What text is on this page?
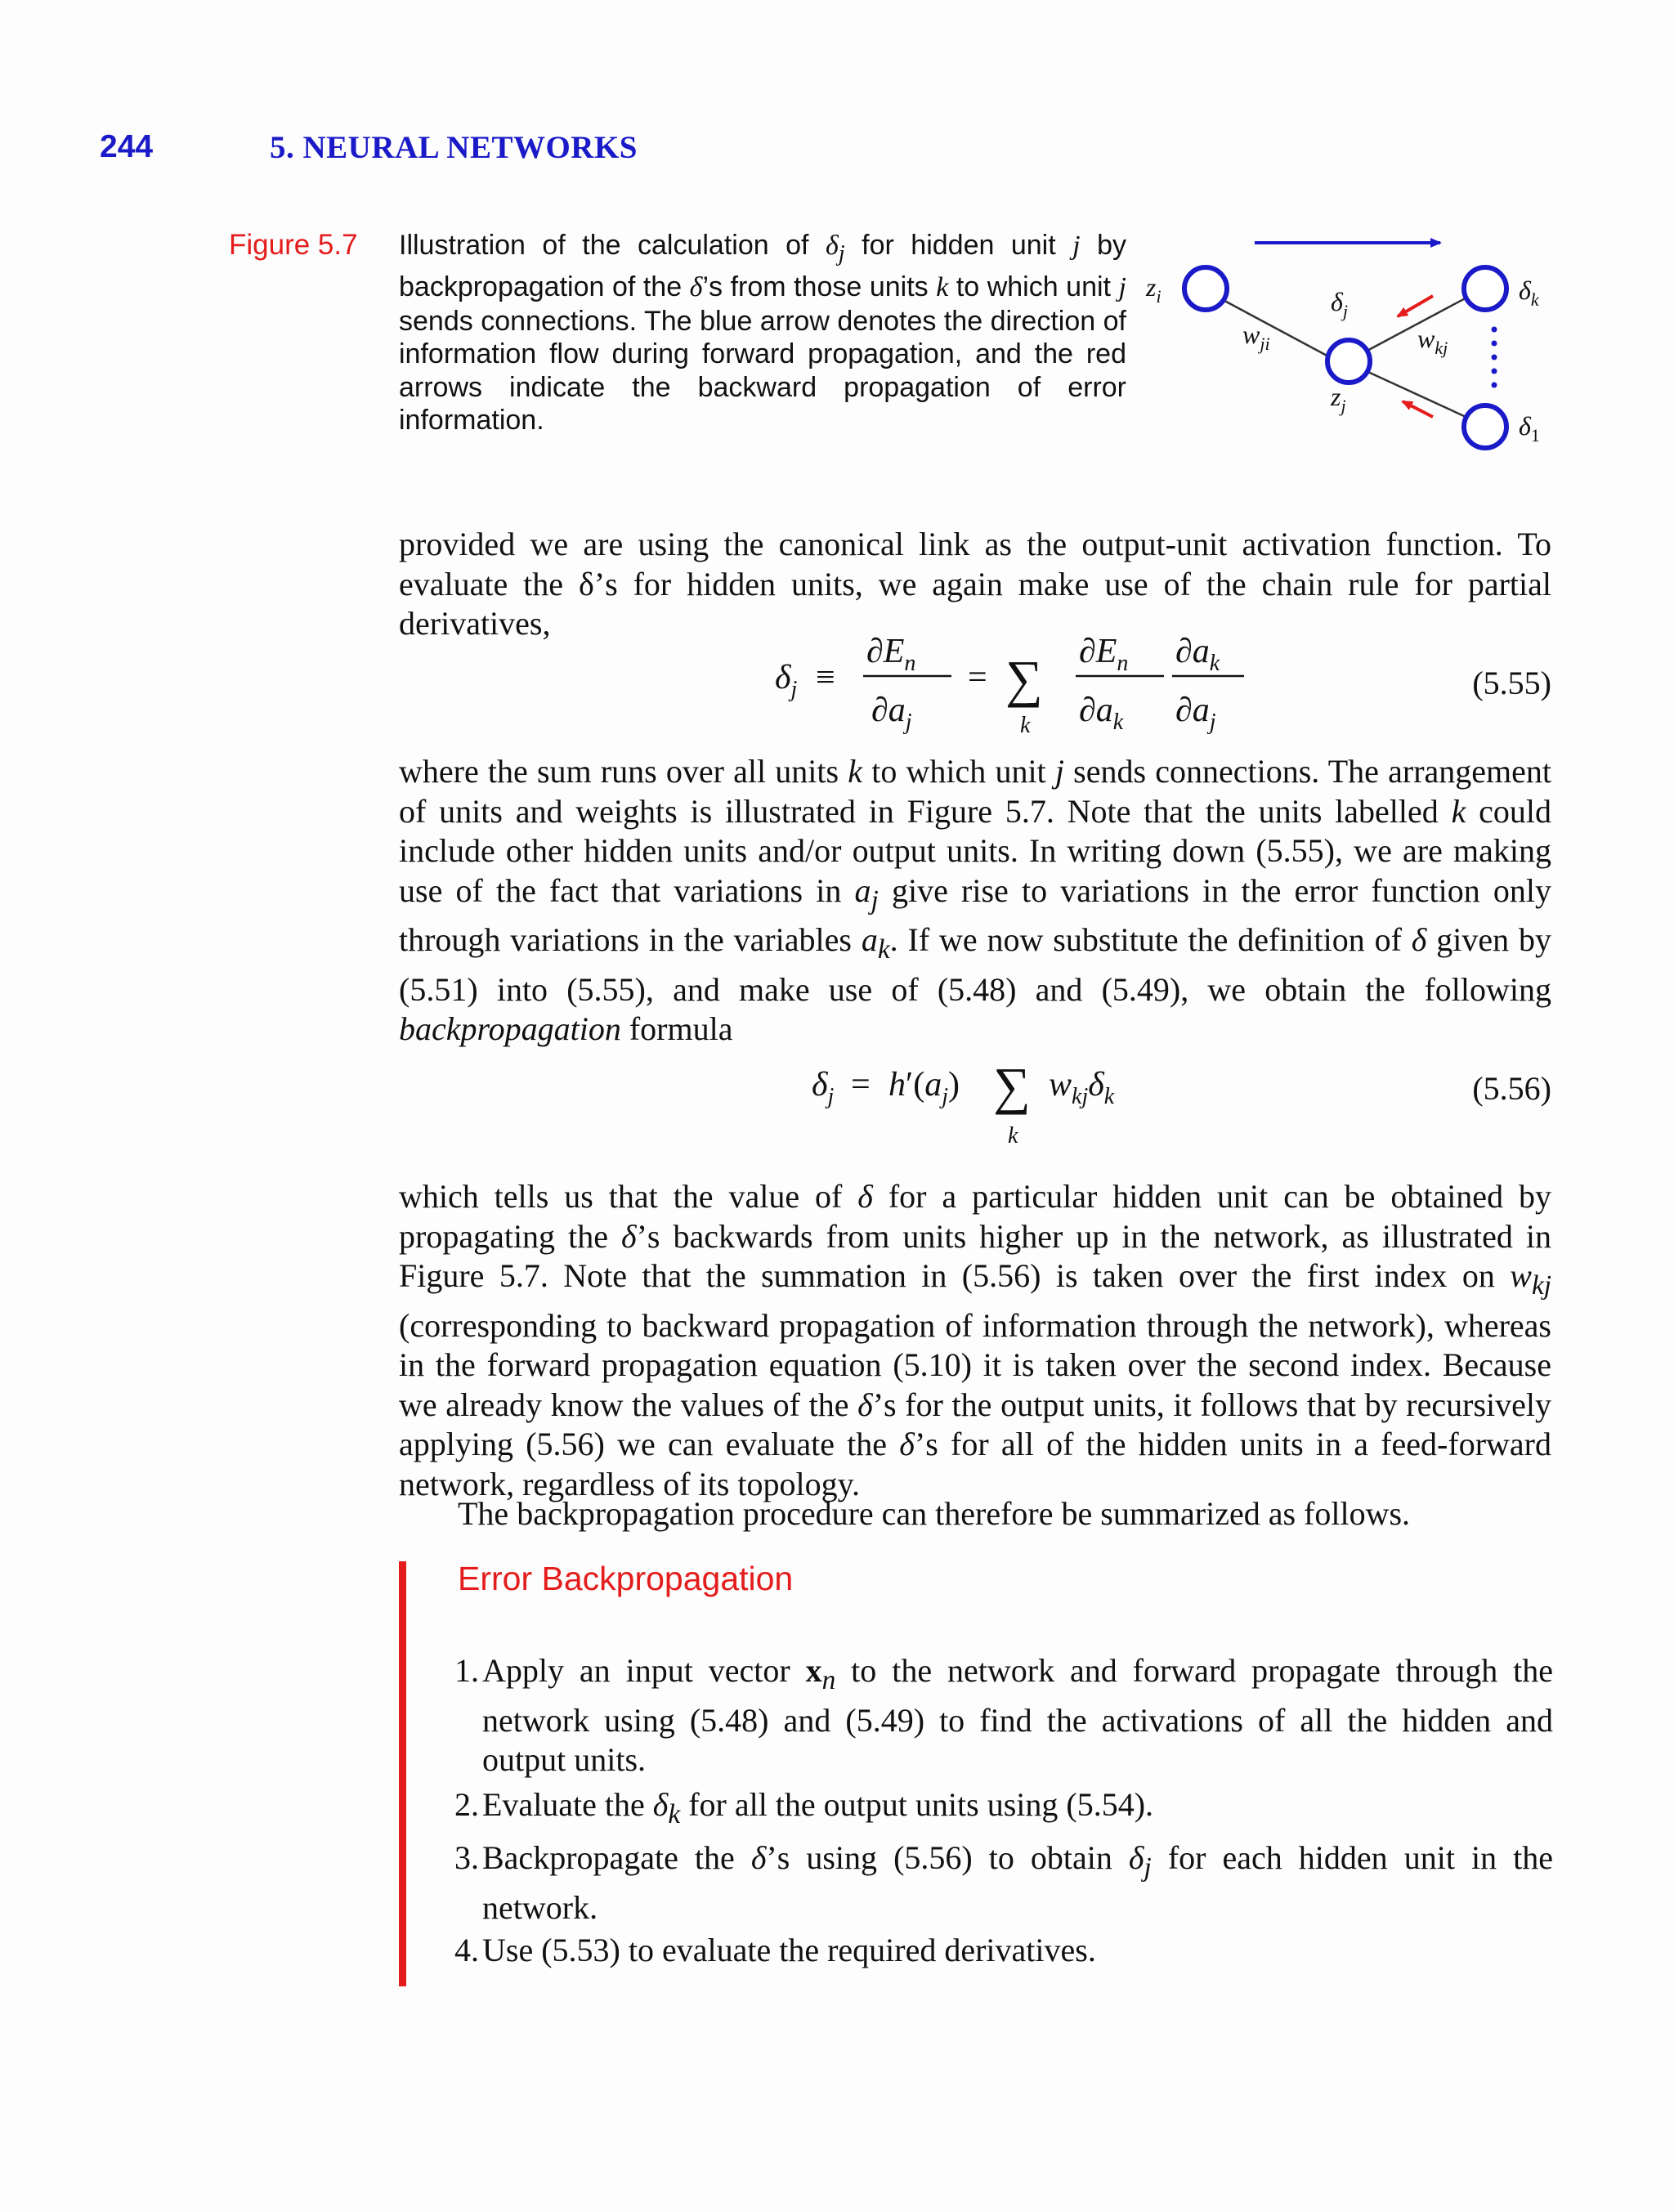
244	5. NEURAL NETWORKS
Figure 5.7 Illustration of the calculation of $\delta_j$ for hidden unit j by backpropagation of the δ’s from those units k to which unit j sends connections. The blue arrow denotes the direction of information flow during forward propagation, and the red arrows indicate the backward propagation of error information.
$z_i$
$w_{ji}$
$\delta_j$
$z_j$
$w_{kj}$
$\delta_k$
$\delta_1$
provided we are using the canonical link as the output-unit activation function. To evaluate the δ’s for hidden units, we again make use of the chain rule for partial derivatives,
$\delta_j$ ≡
$\partial E_n$
$\partial a_j$
= ∑
k
$\partial E_n$
$\partial a_k$
$\partial a_k$
$\partial a_j$
(5.55)
where the sum runs over all units k to which unit j sends connections. The arrangement of units and weights is illustrated in Figure 5.7. Note that the units labelled k could include other hidden units and/or output units. In writing down (5.55), we are making use of the fact that variations in $a_j$ give rise to variations in the error function only through variations in the variables $a_k$. If we now substitute the definition of δ given by (5.51) into (5.55), and make use of (5.48) and (5.49), we obtain the following backpropagation formula
$\delta_j = h'(a_j)$ ∑
k
$w_{kj}\delta_k$	(5.56)
which tells us that the value of δ for a particular hidden unit can be obtained by propagating the δ’s backwards from units higher up in the network, as illustrated in Figure 5.7. Note that the summation in (5.56) is taken over the first index on $w_{kj}$ (corresponding to backward propagation of information through the network), whereas in the forward propagation equation (5.10) it is taken over the second index. Because we already know the values of the δ’s for the output units, it follows that by recursively applying (5.56) we can evaluate the δ’s for all of the hidden units in a feed-forward network, regardless of its topology.
The backpropagation procedure can therefore be summarized as follows.
Error Backpropagation
1. Apply an input vector $x_n$ to the network and forward propagate through the network using (5.48) and (5.49) to find the activations of all the hidden and output units.
2. Evaluate the $\delta_k$ for all the output units using (5.54).
3. Backpropagate the δ’s using (5.56) to obtain $\delta_j$ for each hidden unit in the network.
4. Use (5.53) to evaluate the required derivatives.
